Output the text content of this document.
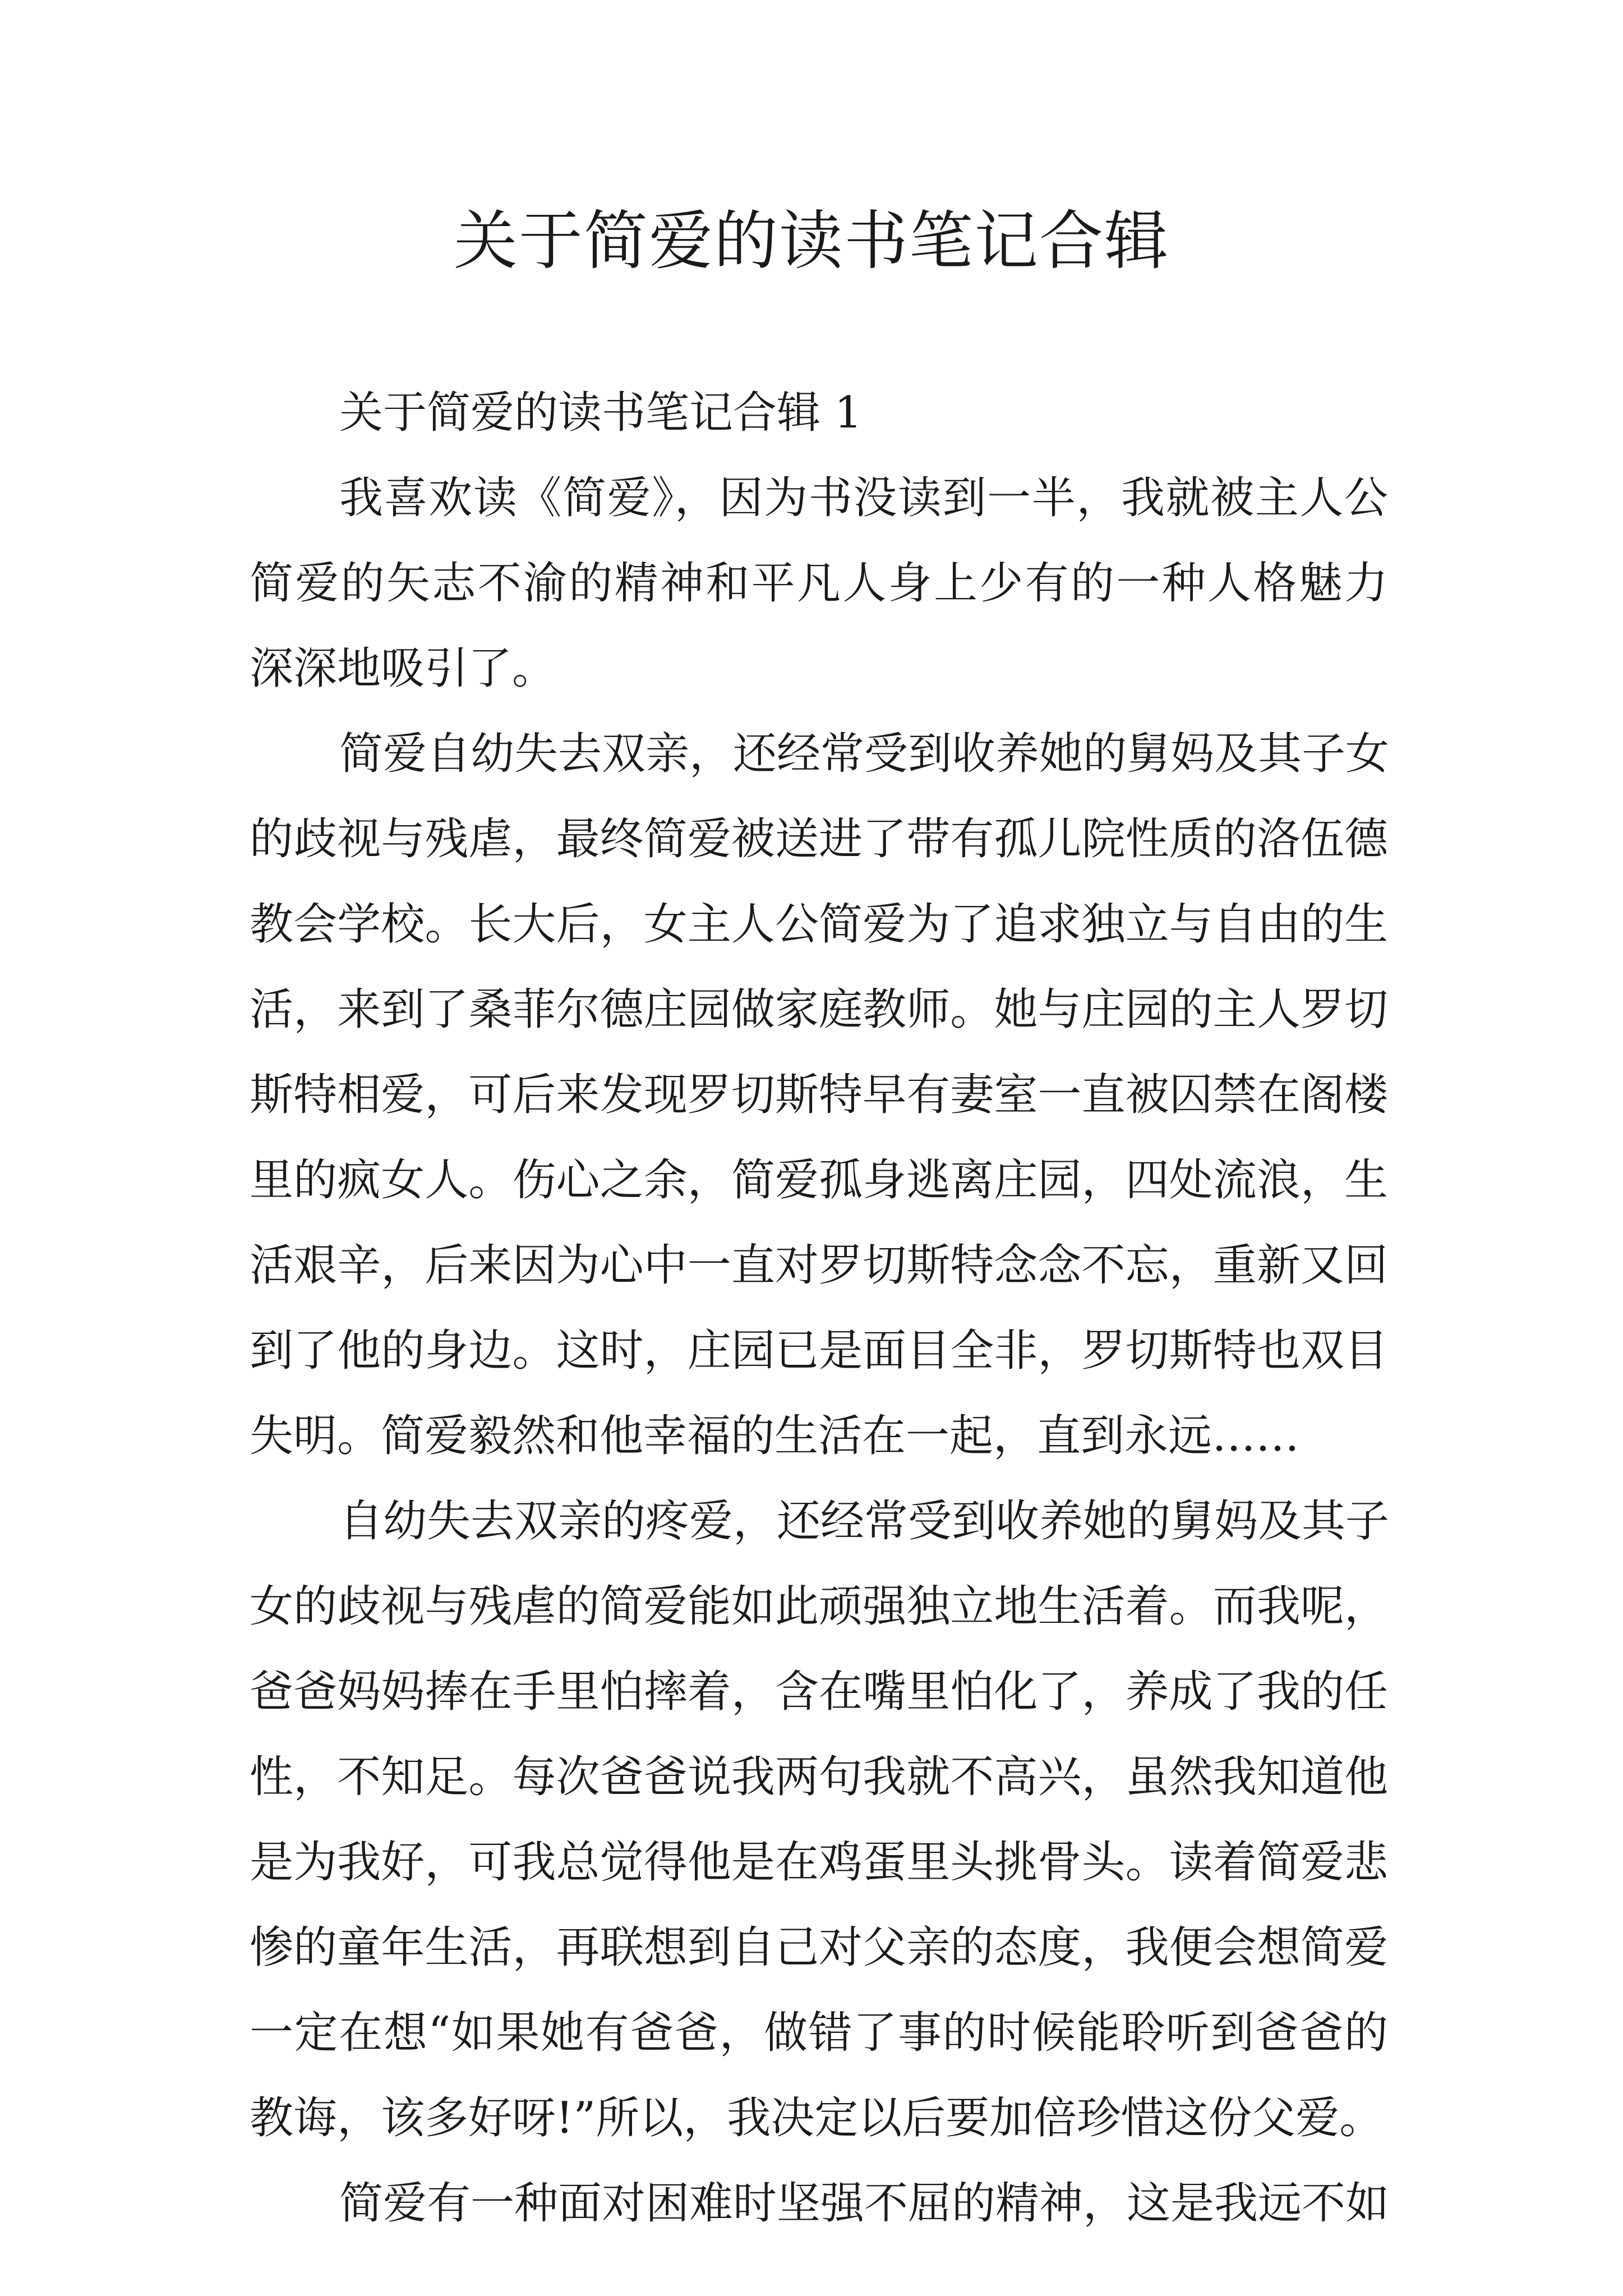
关于简爱的读书笔记合辑

关于简爱的读书笔记合辑 1

我喜欢读《简爱》，因为书没读到一半，我就被主人公
简爱的矢志不渝的精神和平凡人身上少有的一种人格魅力
深深地吸引了。

简爱自幼失去双亲，还经常受到收养她的舅妈及其子女
的歧视与残虐，最终简爱被送进了带有孤儿院性质的洛伍德
教会学校。长大后，女主人公简爱为了追求独立与自由的生
活，来到了桑菲尔德庄园做家庭教师。她与庄园的主人罗切
斯特相爱，可后来发现罗切斯特早有妻室一直被囚禁在阁楼
里的疯女人。伤心之余，简爱孤身逃离庄园，四处流浪，生
活艰辛，后来因为心中一直对罗切斯特念念不忘，重新又回
到了他的身边。这时，庄园已是面目全非，罗切斯特也双目
失明。简爱毅然和他幸福的生活在一起，直到永远……

自幼失去双亲的疼爱，还经常受到收养她的舅妈及其子
女的歧视与残虐的简爱能如此顽强独立地生活着。而我呢，
爸爸妈妈捧在手里怕摔着，含在嘴里怕化了，养成了我的任
性，不知足。每次爸爸说我两句我就不高兴，虽然我知道他
是为我好，可我总觉得他是在鸡蛋里头挑骨头。读着简爱悲
惨的童年生活，再联想到自己对父亲的态度，我便会想简爱
一定在想“如果她有爸爸，做错了事的时候能聆听到爸爸的
教诲，该多好呀!”所以，我决定以后要加倍珍惜这份父爱。

简爱有一种面对困难时坚强不屈的精神，这是我远不如
